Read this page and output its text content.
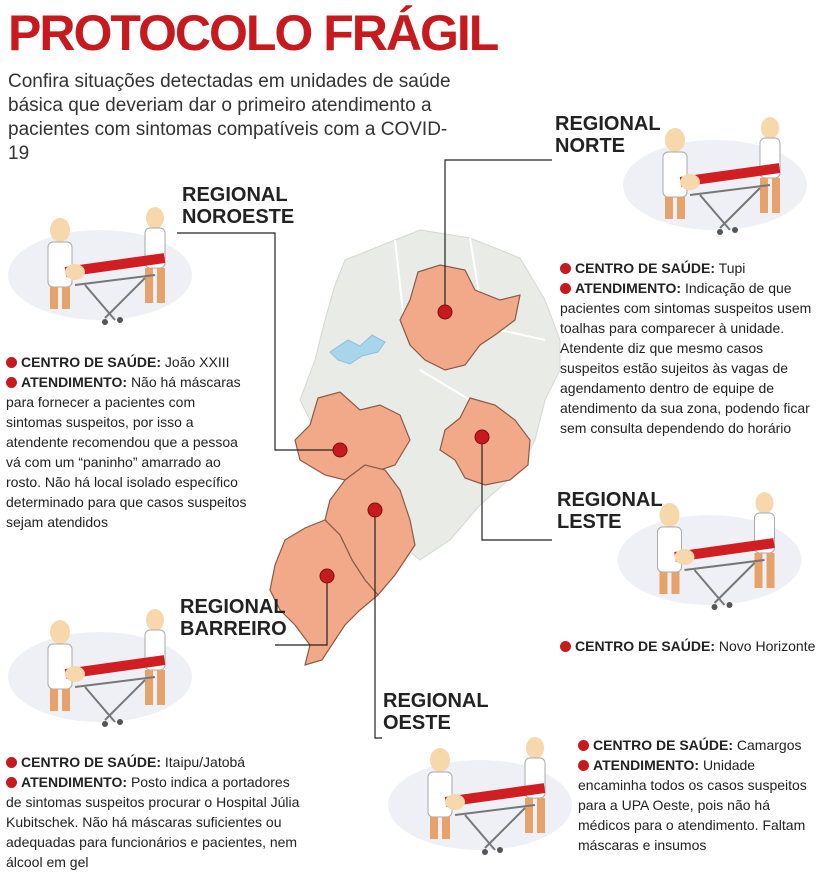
PROTOCOLO FRÁGIL
Confira situações detectadas em unidades de saúde básica que deveriam dar o primeiro atendimento a pacientes com sintomas compatíveis com a COVID-19
REGIONAL
NOROESTE
REGIONAL
NORTE
REGIONAL
LESTE
REGIONAL
BARREIRO
REGIONAL
OESTE

CENTRO DE SAÚDE: João XXIII

ATENDIMENTO: Não há máscaras para fornecer a pacientes com sintomas suspeitos, por isso a atendente recomendou que a pessoa vá com um “paninho” amarrado ao rosto. Não há local isolado específico determinado para que casos suspeitos sejam atendidos

CENTRO DE SAÚDE: Tupi

ATENDIMENTO: Indicação de que pacientes com sintomas suspeitos usem toalhas para comparecer à unidade. Atendente diz que mesmo casos suspeitos estão sujeitos às vagas de agendamento dentro de equipe de atendimento da sua zona, podendo ficar sem consulta dependendo do horário

CENTRO DE SAÚDE: Novo Horizonte

CENTRO DE SAÚDE: Itaipu/Jatobá

ATENDIMENTO: Posto indica a portadores de sintomas suspeitos procurar o Hospital Júlia Kubitschek. Não há máscaras suficientes ou adequadas para funcionários e pacientes, nem álcool em gel

CENTRO DE SAÚDE: Camargos

ATENDIMENTO: Unidade encaminha todos os casos suspeitos para a UPA Oeste, pois não há médicos para o atendimento. Faltam máscaras e insumos
